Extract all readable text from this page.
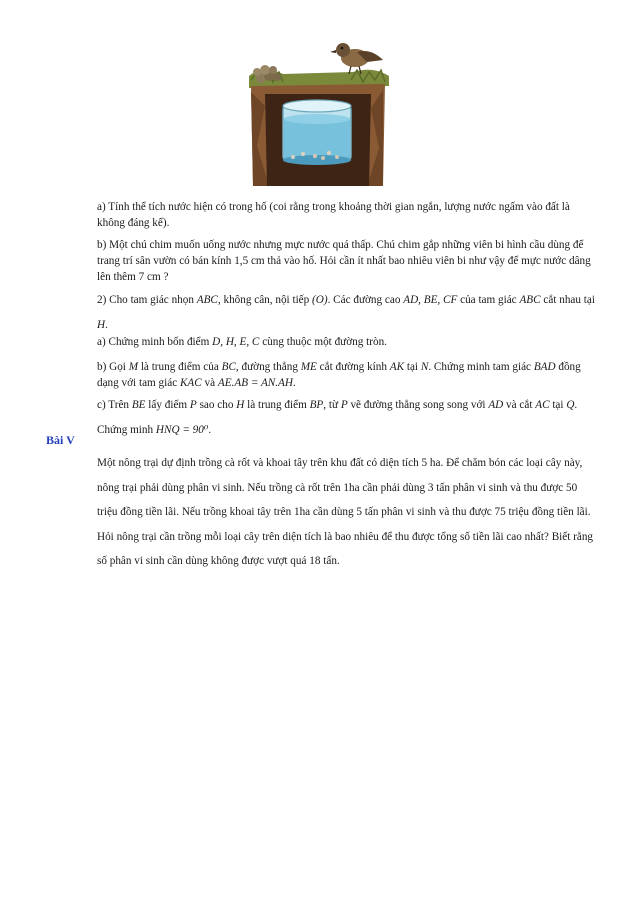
a) Tính thể tích nước hiện có trong hố (coi rằng trong khoảng thời gian ngắn, lượng nước ngấm vào đất là không đáng kể).

b) Một chú chim muốn uống nước nhưng mực nước quá thấp. Chú chim gắp những viên bi hình cầu dùng để trang trí sân vườn có bán kính 1,5 cm thả vào hố. Hỏi cần ít nhất bao nhiêu viên bi như vậy để mực nước dâng lên thêm 7 cm ?

2) Cho tam giác nhọn ABC, không cân, nội tiếp (O). Các đường cao AD, BE, CF của tam giác ABC cắt nhau tại H.

a) Chứng minh bốn điểm D, H, E, C cùng thuộc một đường tròn.

b) Gọi M là trung điểm của BC, đường thẳng ME cắt đường kính AK tại N. Chứng minh tam giác BAD đồng dạng với tam giác KAC và AE.AB = AN.AH.

c) Trên BE lấy điểm P sao cho H là trung điểm BP, từ P vẽ đường thẳng song song với AD và cắt AC tại Q. Chứng minh HNQ = 90⁰.

Bài V

Một nông trại dự định trồng cà rốt và khoai tây trên khu đất có diện tích 5 ha. Để chăm bón các loại cây này, nông trại phải dùng phân vi sinh. Nếu trồng cà rốt trên 1ha cần phải dùng 3 tấn phân vi sinh và thu được 50 triệu đồng tiền lãi. Nếu trồng khoai tây trên 1ha cần dùng 5 tấn phân vi sinh và thu được 75 triệu đồng tiền lãi. Hỏi nông trại cần trồng mỗi loại cây trên diện tích là bao nhiêu để thu được tổng số tiền lãi cao nhất? Biết rằng số phân vi sinh cần dùng không được vượt quá 18 tấn.
